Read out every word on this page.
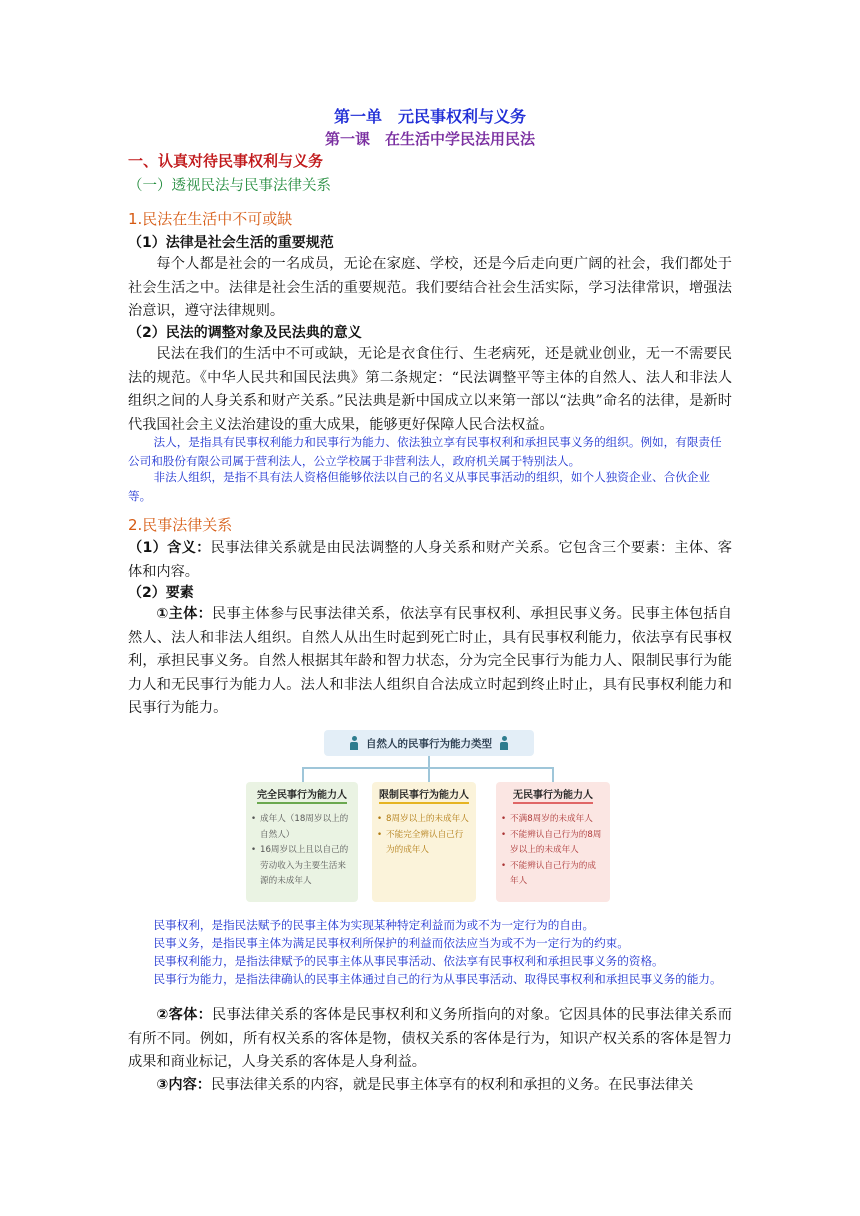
第一单　元民事权利与义务
第一课　在生活中学民法用民法
一、认真对待民事权利与义务
（一）透视民法与民事法律关系
1.民法在生活中不可或缺
（1）法律是社会生活的重要规范

每个人都是社会的一名成员，无论在家庭、学校，还是今后走向更广阔的社会，我们都处于社会生活之中。法律是社会生活的重要规范。我们要结合社会生活实际，学习法律常识，增强法治意识，遵守法律规则。

（2）民法的调整对象及民法典的意义

民法在我们的生活中不可或缺，无论是衣食住行、生老病死，还是就业创业，无一不需要民法的规范。《中华人民共和国民法典》第二条规定：“民法调整平等主体的自然人、法人和非法人组织之间的人身关系和财产关系。”民法典是新中国成立以来第一部以“法典”命名的法律，是新时代我国社会主义法治建设的重大成果，能够更好保障人民合法权益。

法人，是指具有民事权利能力和民事行为能力、依法独立享有民事权利和承担民事义务的组织。例如，有限责任公司和股份有限公司属于营利法人，公立学校属于非营利法人，政府机关属于特别法人。

非法人组织，是指不具有法人资格但能够依法以自己的名义从事民事活动的组织，如个人独资企业、合伙企业等。

2.民事法律关系

（1）含义：民事法律关系就是由民法调整的人身关系和财产关系。它包含三个要素：主体、客体和内容。

（2）要素

①主体：民事主体参与民事法律关系，依法享有民事权利、承担民事义务。民事主体包括自然人、法人和非法人组织。自然人从出生时起到死亡时止，具有民事权利能力，依法享有民事权利，承担民事义务。自然人根据其年龄和智力状态，分为完全民事行为能力人、限制民事行为能力人和无民事行为能力人。法人和非法人组织自合法成立时起到终止时止，具有民事权利能力和民事行为能力。

自然人的民事行为能力类型
完全民事行为能力人
• 成年人（18周岁以上的自然人）
• 16周岁以上且以自己的劳动收入为主要生活来源的未成年人
限制民事行为能力人
• 8周岁以上的未成年人
• 不能完全辨认自己行为的成年人
无民事行为能力人
• 不满8周岁的未成年人
• 不能辨认自己行为的8周岁以上的未成年人
• 不能辨认自己行为的成年人

民事权利，是指民法赋予的民事主体为实现某种特定利益而为或不为一定行为的自由。

民事义务，是指民事主体为满足民事权利所保护的利益而依法应当为或不为一定行为的约束。

民事权利能力，是指法律赋予的民事主体从事民事活动、依法享有民事权利和承担民事义务的资格。

民事行为能力，是指法律确认的民事主体通过自己的行为从事民事活动、取得民事权利和承担民事义务的能力。

②客体：民事法律关系的客体是民事权利和义务所指向的对象。它因具体的民事法律关系而有所不同。例如，所有权关系的客体是物，债权关系的客体是行为，知识产权关系的客体是智力成果和商业标记，人身关系的客体是人身利益。

③内容：民事法律关系的内容，就是民事主体享有的权利和承担的义务。在民事法律关
